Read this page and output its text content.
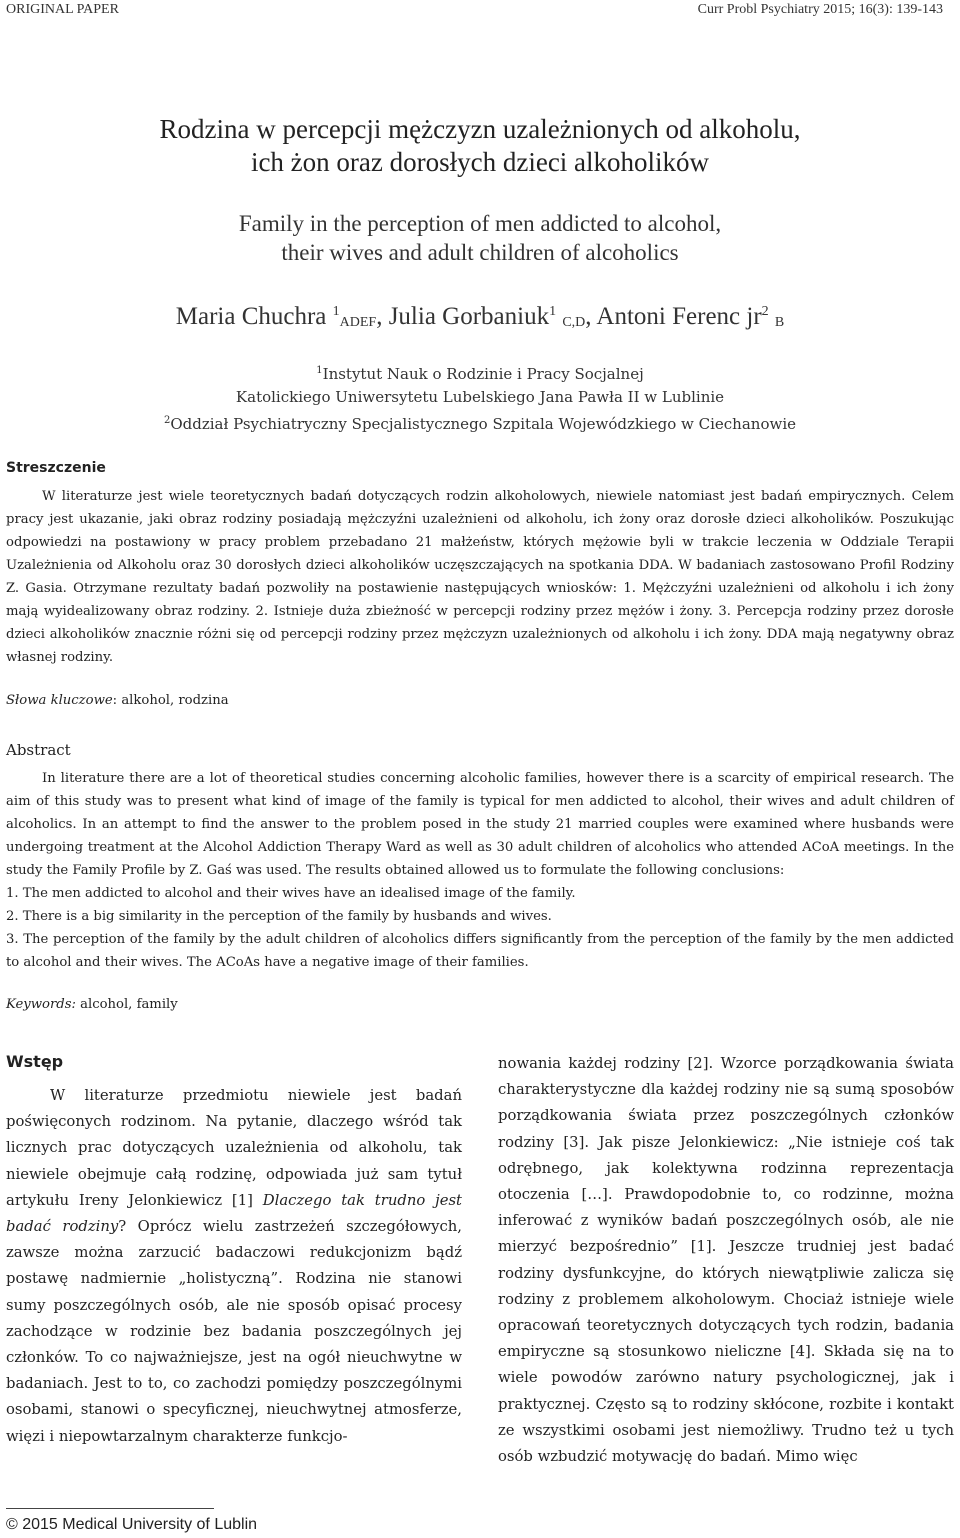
ORIGINAL PAPER	Curr Probl Psychiatry 2015; 16(3): 139-143
Rodzina w percepcji mężczyzn uzależnionych od alkoholu,
ich żon oraz dorosłych dzieci alkoholików
Family in the perception of men addicted to alcohol,
their wives and adult children of alcoholics
Maria Chuchra $^1_{ADEF}$, Julia Gorbaniuk$^1$ $_{C,D}$, Antoni Ferenc $jr^2$ $_B$
$^1$Instytut Nauk o Rodzinie i Pracy Socjalnej
Katolickiego Uniwersytetu Lubelskiego Jana Pawła II w Lublinie
$^2$Oddział Psychiatryczny Specjalistycznego Szpitala Wojewódzkiego w Ciechanowie
Streszczenie

W literaturze jest wiele teoretycznych badań dotyczących rodzin alkoholowych, niewiele natomiast jest badań empirycznych. Celem pracy jest ukazanie, jaki obraz rodziny posiadają mężczyźni uzależnieni od alkoholu, ich żony oraz dorosłe dzieci alkoholików. Poszukując odpowiedzi na postawiony w pracy problem przebadano 21 małżeństw, których mężowie byli w trakcie leczenia w Oddziale Terapii Uzależnienia od Alkoholu oraz 30 dorosłych dzieci alkoholików uczęszczających na spotkania DDA. W badaniach zastosowano Profil Rodziny Z. Gasia. Otrzymane rezultaty badań pozwoliły na postawienie następujących wniosków: 1. Mężczyźni uzależnieni od alkoholu i ich żony mają wyidealizowany obraz rodziny. 2. Istnieje duża zbieżność w percepcji rodziny przez mężów i żony. 3. Percepcja rodziny przez dorosłe dzieci alkoholików znacznie różni się od percepcji rodziny przez mężczyzn uzależnionych od alkoholu i ich żony. DDA mają negatywny obraz własnej rodziny.

Słowa kluczowe: alkohol, rodzina
Abstract

In literature there are a lot of theoretical studies concerning alcoholic families, however there is a scarcity of empirical research. The aim of this study was to present what kind of image of the family is typical for men addicted to alcohol, their wives and adult children of alcoholics. In an attempt to find the answer to the problem posed in the study 21 married couples were examined where husbands were undergoing treatment at the Alcohol Addiction Therapy Ward as well as 30 adult children of alcoholics who attended ACoA meetings. In the study the Family Profile by Z. Gaś was used. The results obtained allowed us to formulate the following conclusions:

1. The men addicted to alcohol and their wives have an idealised image of the family.

2. There is a big similarity in the perception of the family by husbands and wives.

3. The perception of the family by the adult children of alcoholics differs significantly from the perception of the family by the men addicted to alcohol and their wives. The ACoAs have a negative image of their families.

Keywords: alcohol, family
Wstęp

W literaturze przedmiotu niewiele jest badań poświęconych rodzinom. Na pytanie, dlaczego wśród tak licznych prac dotyczących uzależnienia od alkoholu, tak niewiele obejmuje całą rodzinę, odpowiada już sam tytuł artykułu Ireny Jelonkiewicz [1] Dlaczego tak trudno jest badać rodziny? Oprócz wielu zastrzeżeń szczegółowych, zawsze można zarzucić badaczowi redukcjonizm bądź postawę nadmiernie „holistyczną”. Rodzina nie stanowi sumy poszczególnych osób, ale nie sposób opisać procesy zachodzące w rodzinie bez badania poszczególnych jej członków. To co najważniejsze, jest na ogół nieuchwytne w badaniach. Jest to to, co zachodzi pomiędzy poszczególnymi osobami, stanowi o specyficznej, nieuchwytnej atmosferze, więzi i niepowtarzalnym charakterze funkcjo-

nowania każdej rodziny [2]. Wzorce porządkowania świata charakterystyczne dla każdej rodziny nie są sumą sposobów porządkowania świata przez poszczególnych członków rodziny [3]. Jak pisze Jelonkiewicz: „Nie istnieje coś tak odrębnego, jak kolektywna rodzinna reprezentacja otoczenia […]. Prawdopodobnie to, co rodzinne, można inferować z wyników badań poszczególnych osób, ale nie mierzyć bezpośrednio” [1]. Jeszcze trudniej jest badać rodziny dysfunkcyjne, do których niewątpliwie zalicza się rodziny z problemem alkoholowym. Chociaż istnieje wiele opracowań teoretycznych dotyczących tych rodzin, badania empiryczne są stosunkowo nieliczne [4]. Składa się na to wiele powodów zarówno natury psychologicznej, jak i praktycznej. Często są to rodziny skłócone, rozbite i kontakt ze wszystkimi osobami jest niemożliwy. Trudno też u tych osób wzbudzić motywację do badań. Mimo więc

© 2015 Medical University of Lublin
